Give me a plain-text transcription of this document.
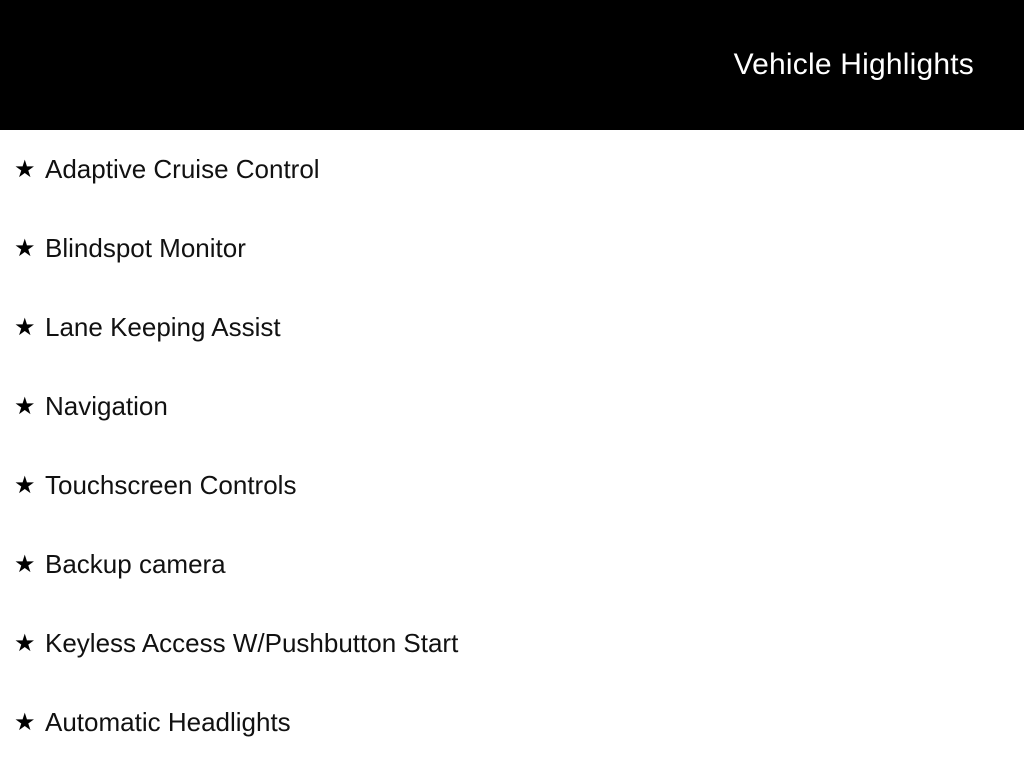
Vehicle Highlights
★ Adaptive Cruise Control
★ Blindspot Monitor
★ Lane Keeping Assist
★ Navigation
★ Touchscreen Controls
★ Backup camera
★ Keyless Access W/Pushbutton Start
★ Automatic Headlights
